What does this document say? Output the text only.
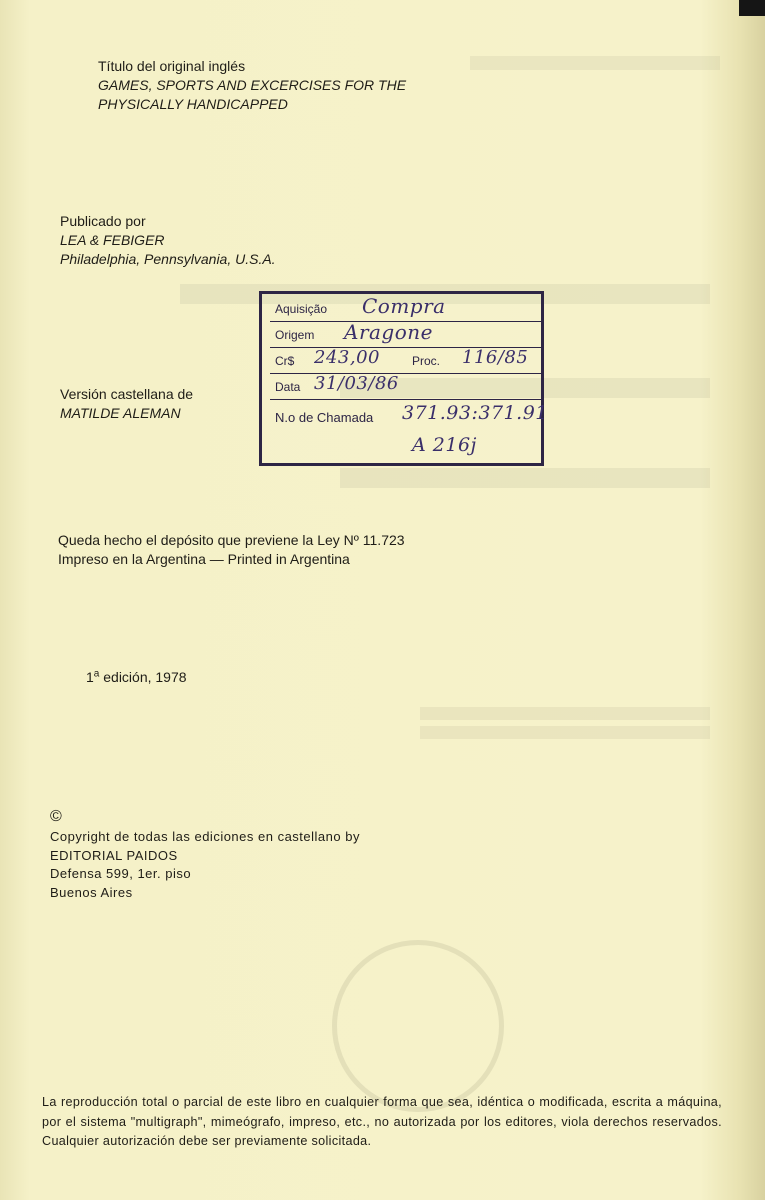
Título del original inglés
GAMES, SPORTS AND EXCERCISES FOR THE
PHYSICALLY HANDICAPPED
Publicado por
LEA & FEBIGER
Philadelphia, Pennsylvania, U.S.A.
Versión castellana de
MATILDE ALEMAN
Aquisição Compra
Origem Aragone
Cr$ 243,00	Proc. 116/85
Data 31/03/86
N.o de Chamada 371.93:371.91
A 216j
Queda hecho el depósito que previene la Ley Nº 11.723
Impreso en la Argentina — Printed in Argentina
1$^a$ edición, 1978
©
Copyright de todas las ediciones en castellano by
EDITORIAL PAIDOS
Defensa 599, 1er. piso
Buenos Aires
La reproducción total o parcial de este libro en cualquier forma que sea, idéntica o modificada, escrita a máquina, por el sistema "multigraph", mimeógrafo, impreso, etc., no autorizada por los editores, viola derechos reservados. Cualquier autorización debe ser previamente solicitada.
